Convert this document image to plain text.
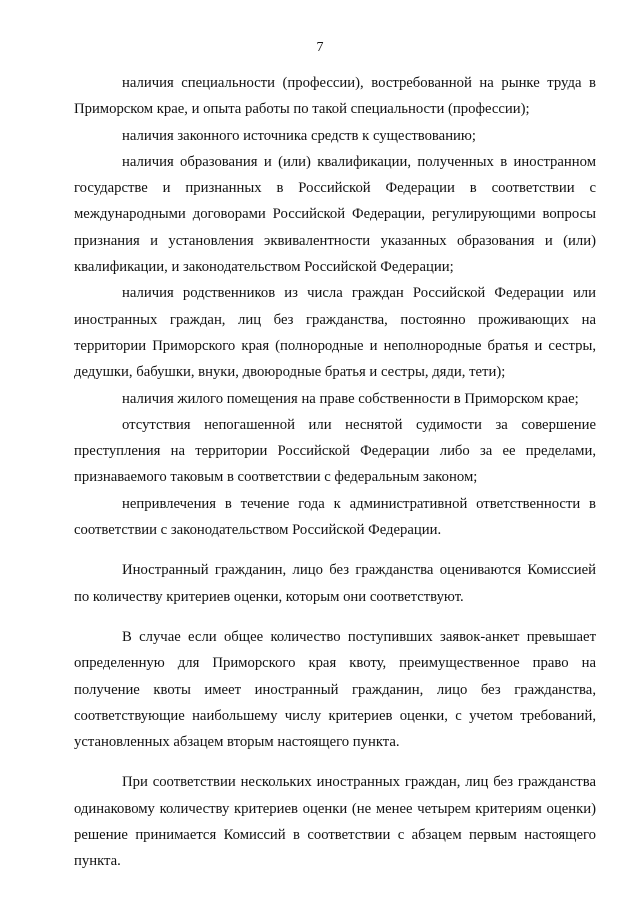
7

наличия специальности (профессии), востребованной на рынке труда в Приморском крае, и опыта работы по такой специальности (профессии);

наличия законного источника средств к существованию;

наличия образования и (или) квалификации, полученных в иностранном государстве и признанных в Российской Федерации в соответствии с международными договорами Российской Федерации, регулирующими вопросы признания и установления эквивалентности указанных образования и (или) квалификации, и законодательством Российской Федерации;

наличия родственников из числа граждан Российской Федерации или иностранных граждан, лиц без гражданства, постоянно проживающих на территории Приморского края (полнородные и неполнородные братья и сестры, дедушки, бабушки, внуки, двоюродные братья и сестры, дяди, тети);

наличия жилого помещения на праве собственности в Приморском крае;

отсутствия непогашенной или неснятой судимости за совершение преступления на территории Российской Федерации либо за ее пределами, признаваемого таковым в соответствии с федеральным законом;

непривлечения в течение года к административной ответственности в соответствии с законодательством Российской Федерации.

Иностранный гражданин, лицо без гражданства оцениваются Комиссией по количеству критериев оценки, которым они соответствуют.

В случае если общее количество поступивших заявок-анкет превышает определенную для Приморского края квоту, преимущественное право на получение квоты имеет иностранный гражданин, лицо без гражданства, соответствующие наибольшему числу критериев оценки, с учетом требований, установленных абзацем вторым настоящего пункта.

При соответствии нескольких иностранных граждан, лиц без гражданства одинаковому количеству критериев оценки (не менее четырем критериям оценки) решение принимается Комиссий в соответствии с абзацем первым настоящего пункта.
